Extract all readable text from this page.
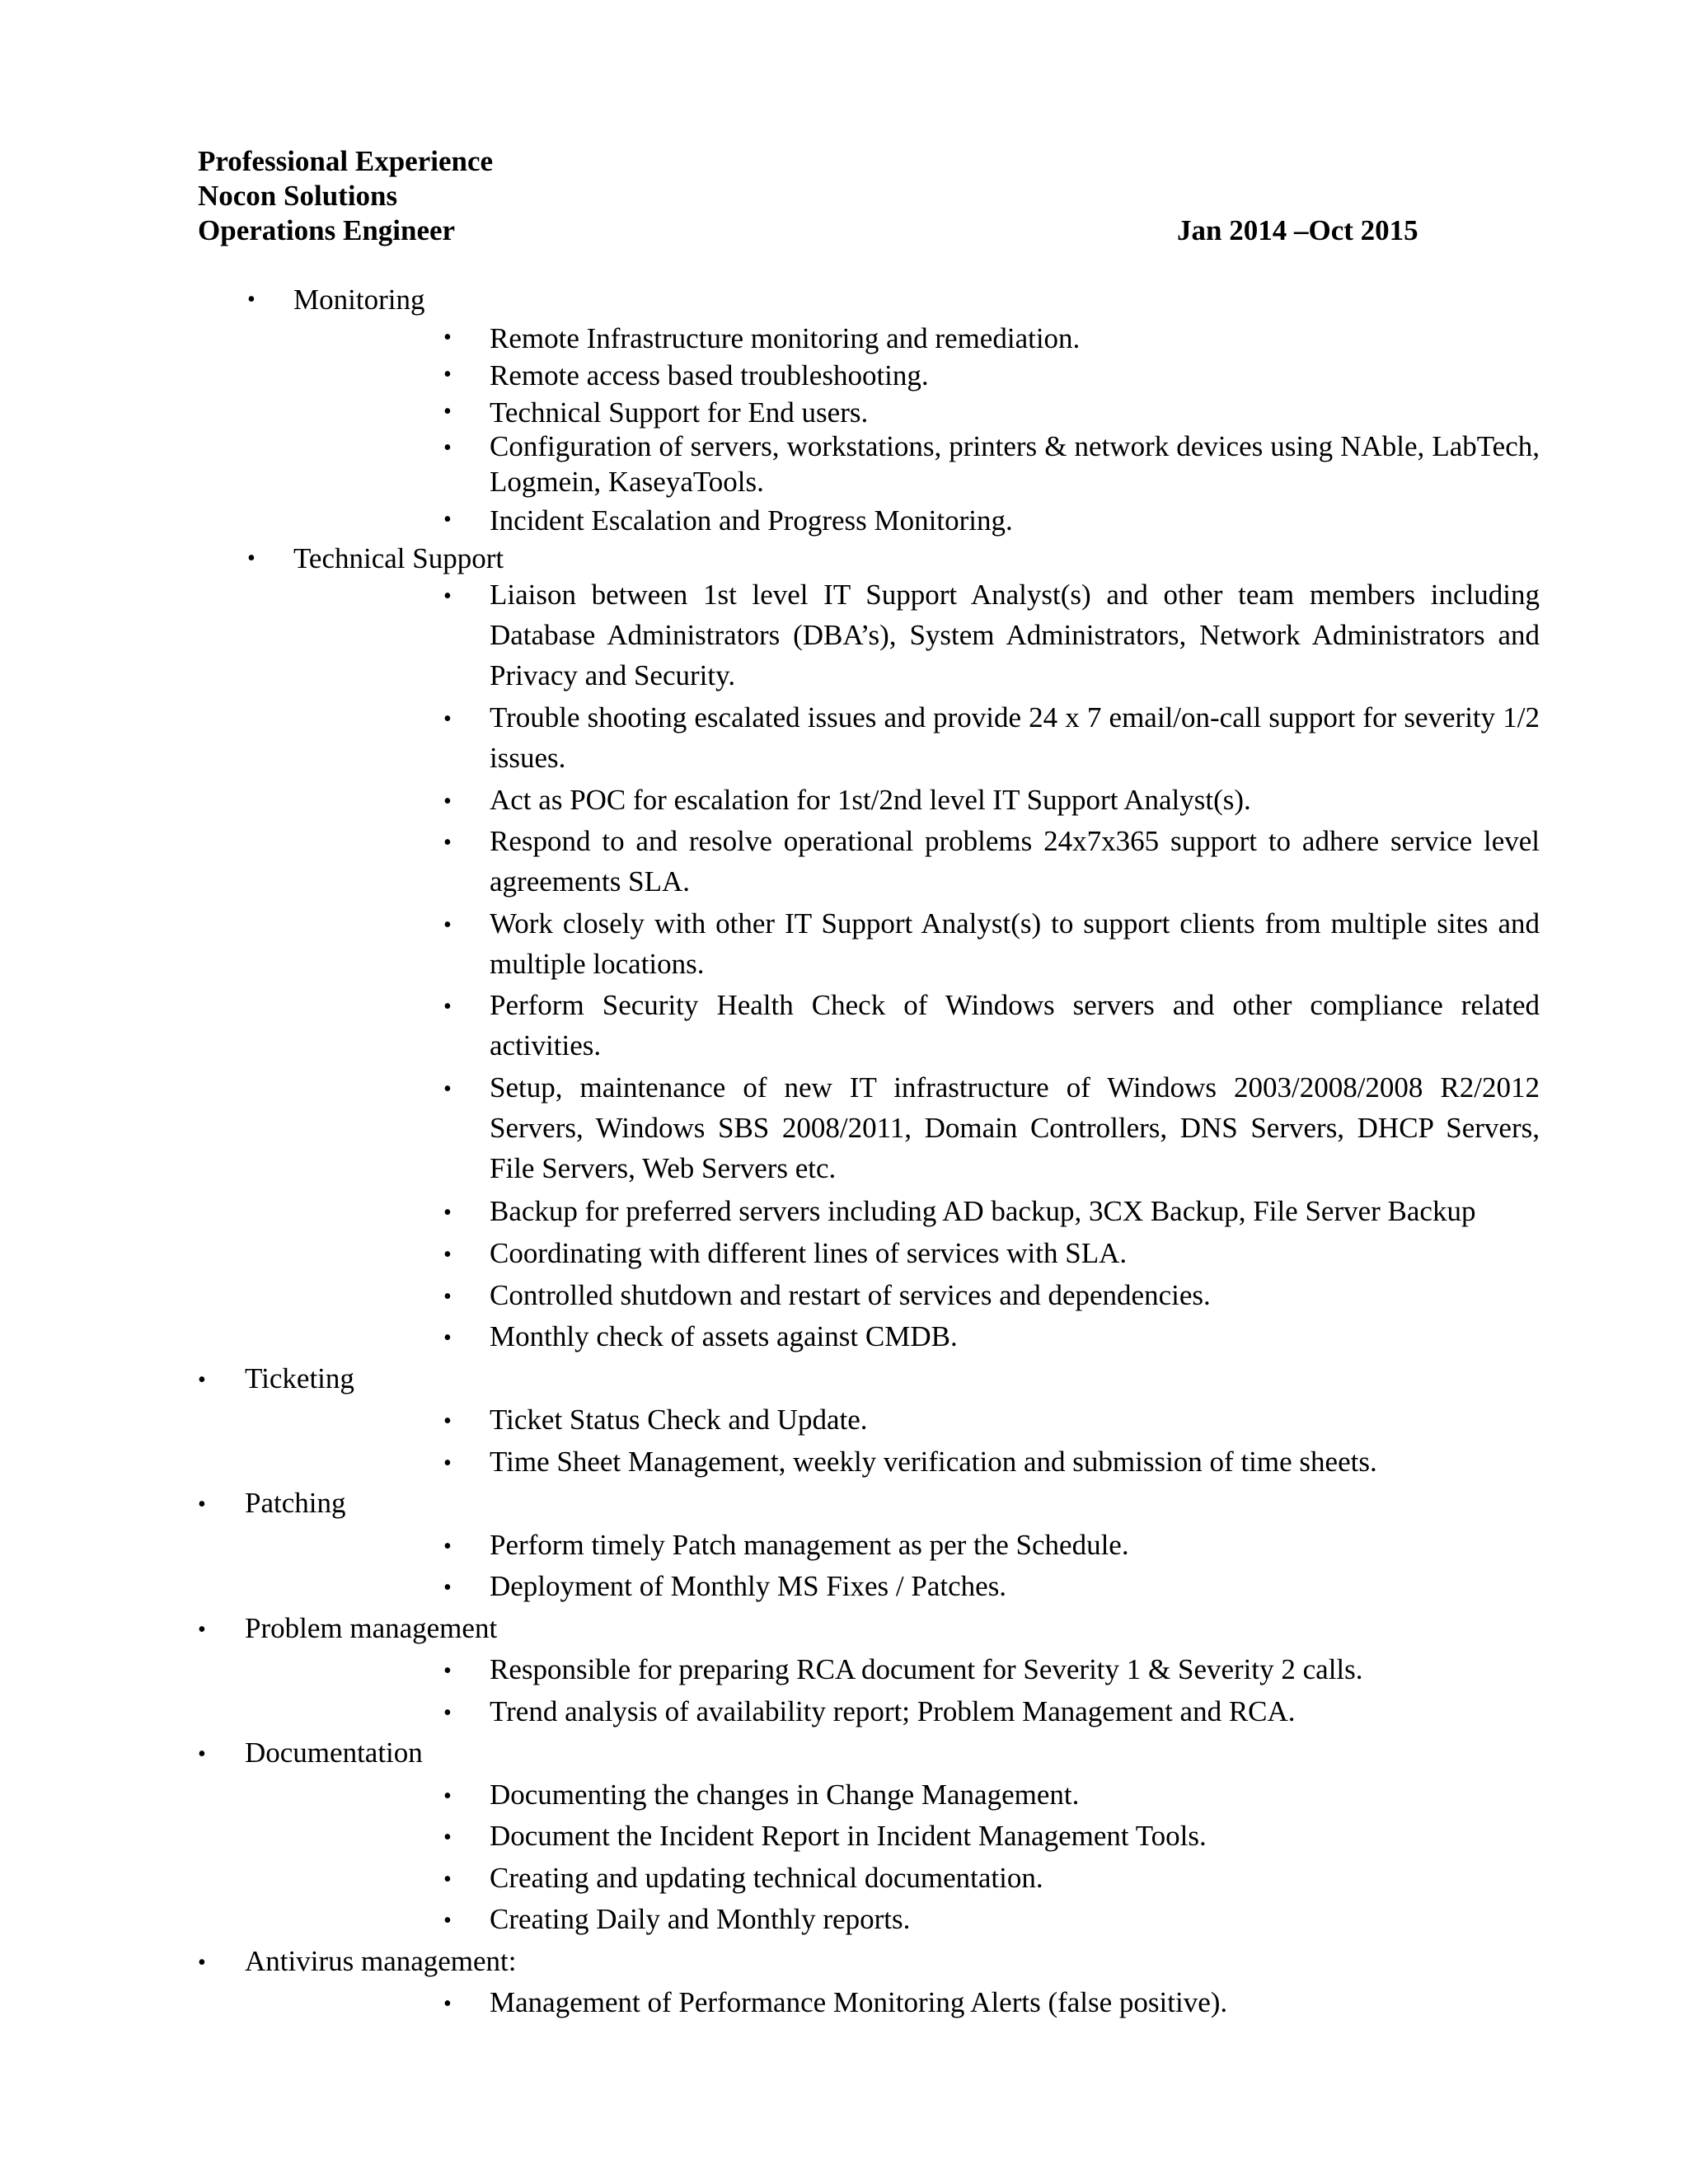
Professional Experience
Nocon Solutions
Operations Engineer	Jan 2014 –Oct 2015
• Monitoring
• Remote Infrastructure monitoring and remediation.
• Remote access based troubleshooting.
• Technical Support for End users.
• Configuration of servers, workstations, printers & network devices using NAble, LabTech, Logmein, KaseyaTools.
• Incident Escalation and Progress Monitoring.
• Technical Support
• Liaison between 1st level IT Support Analyst(s) and other team members including Database Administrators (DBA’s), System Administrators, Network Administrators and Privacy and Security.
• Trouble shooting escalated issues and provide 24 x 7 email/on-call support for severity 1/2 issues.
• Act as POC for escalation for 1st/2nd level IT Support Analyst(s).
• Respond to and resolve operational problems 24x7x365 support to adhere service level agreements SLA.
• Work closely with other IT Support Analyst(s) to support clients from multiple sites and multiple locations.
• Perform Security Health Check of Windows servers and other compliance related activities.
• Setup, maintenance of new IT infrastructure of Windows 2003/2008/2008 R2/2012 Servers, Windows SBS 2008/2011, Domain Controllers, DNS Servers, DHCP Servers, File Servers, Web Servers etc.
• Backup for preferred servers including AD backup, 3CX Backup, File Server Backup
• Coordinating with different lines of services with SLA.
• Controlled shutdown and restart of services and dependencies.
• Monthly check of assets against CMDB.
• Ticketing
• Ticket Status Check and Update.
• Time Sheet Management, weekly verification and submission of time sheets.
• Patching
• Perform timely Patch management as per the Schedule.
• Deployment of Monthly MS Fixes / Patches.
• Problem management
• Responsible for preparing RCA document for Severity 1 & Severity 2 calls.
• Trend analysis of availability report; Problem Management and RCA.
• Documentation
• Documenting the changes in Change Management.
• Document the Incident Report in Incident Management Tools.
• Creating and updating technical documentation.
• Creating Daily and Monthly reports.
• Antivirus management:
• Management of Performance Monitoring Alerts (false positive).
